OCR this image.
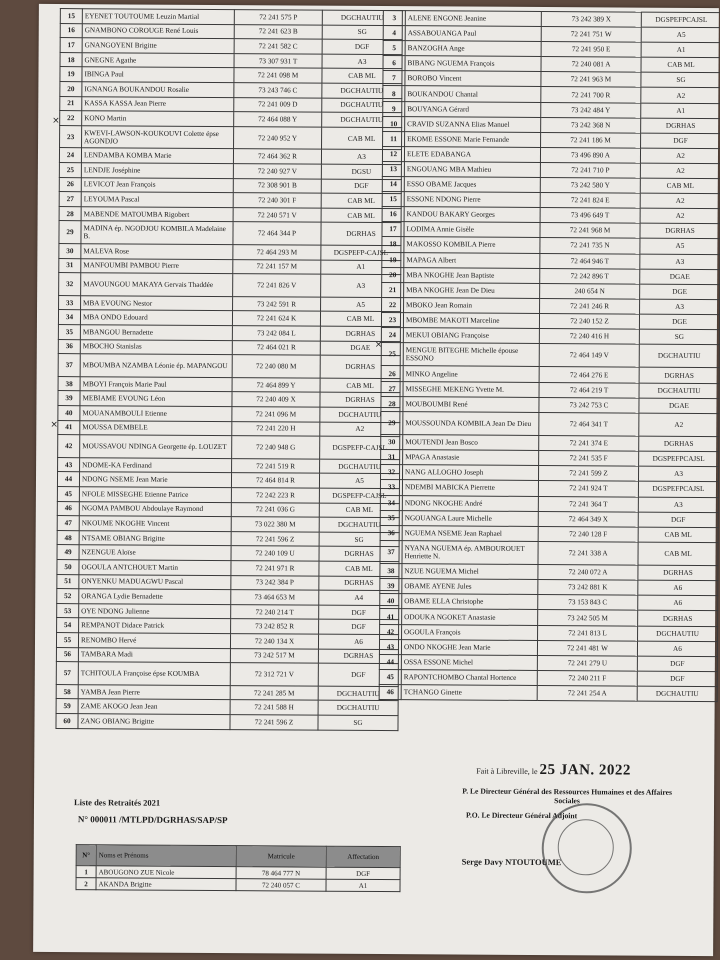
15	EYENET TOUTOUME Leuzin Martial	72 241 575 P	DGCHAUTIU
16	GNAMBONO COROUGE René Louis	72 241 623 B	SG
17	GNANGOYENI Brigitte	72 241 582 C	DGF
18	GNEGNE Agathe	73 307 931 T	A3
19	IBINGA Paul	72 241 098 M	CAB ML
20	IGNANGA BOUKANDOU Rosalie	73 243 746 C	DGCHAUTIU
21	KASSA KASSA Jean Pierre	72 241 009 D	DGCHAUTIU
22	KONO Martin	72 464 088 Y	DGCHAUTIU
23	KWEVI-LAWSON-KOUKOUVI Colette épse AGONDJO	72 240 952 Y	CAB ML
24	LENDAMBA KOMBA Marie	72 464 362 R	A3
25	LENDJE Joséphine	72 240 927 V	DGSU
26	LEVICOT Jean François	72 308 901 B	DGF
27	LEYOUMA Pascal	72 240 301 F	CAB ML
28	MABENDE MATOUMBA Rigobert	72 240 571 V	CAB ML
29	MADINA ép. NGODJOU KOMBILA Madelaine B.	72 464 344 P	DGRHAS
30	MALEVA Rose	72 464 293 M	DGSPEFP-CAJSL
31	MANFOUMBI PAMBOU Pierre	72 241 157 M	A1
32	MAVOUNGOU MAKAYA Gervais Thaddée	72 241 826 V	A3
33	MBA EVOUNG Nestor	73 242 591 R	A5
34	MBA ONDO Edouard	72 241 624 K	CAB ML
35	MBANGOU Bernadette	73 242 084 L	DGRHAS
36	MBOCHO Stanislas	72 464 021 R	DGAE
37	MBOUMBA NZAMBA Léonie ép. MAPANGOU	72 240 080 M	DGRHAS
38	MBOYI François Marie Paul	72 464 899 Y	CAB ML
39	MEBIAME EVOUNG Léon	72 240 409 X	DGRHAS
40	MOUANAMBOULI Etienne	72 241 096 M	DGCHAUTIU
41	MOUSSA DEMBELE	72 241 220 H	A2
42	MOUSSAVOU NDINGA Georgette ép. LOUZET	72 240 948 G	DGSPEFP-CAJSL
43	NDOME-KA Ferdinand	72 241 519 R	DGCHAUTIU
44	NDONG NSEME Jean Marie	72 464 814 R	A5
45	NFOLE MISSEGHE Etienne Patrice	72 242 223 R	DGSPEFP-CAJSL
46	NGOMA PAMBOU Abdoulaye Raymond	72 241 036 G	CAB ML
47	NKOUME NKOGHE Vincent	73 022 380 M	DGCHAUTIU
48	NTSAME OBIANG Brigitte	72 241 596 Z	SG
49	NZENGUE Aloïse	72 240 109 U	DGRHAS
50	OGOULA ANTCHOUET Martin	72 241 971 R	CAB ML
51	ONYENKU MADUAGWU Pascal	73 242 384 P	DGRHAS
52	ORANGA Lydie Bernadette	73 464 653 M	A4
53	OYE NDONG Julienne	72 240 214 T	DGF
54	REMPANOT Didace Patrick	73 242 852 R	DGF
55	RENOMBO Hervé	72 240 134 X	A6
56	TAMBARA Madi	73 242 517 M	DGRHAS
57	TCHITOULA Françoise épse KOUMBA	72 312 721 V	DGF
58	YAMBA Jean Pierre	72 241 285 M	DGCHAUTIU
59	ZAME AKOGO Jean Jean	72 241 588 H	DGCHAUTIU
60	ZANG OBIANG Brigitte	72 241 596 Z	SG
3	ALENE ENGONE Jeanine	73 242 389 X	DGSPEFPCAJSL
4	ASSABOUANGA Paul	72 241 751 W	A5
5	BANZOGHA Ange	72 241 950 E	A1
6	BIBANG NGUEMA François	72 240 081 A	CAB ML
7	BOROBO Vincent	72 241 963 M	SG
8	BOUKANDOU Chantal	72 241 700 R	A2
9	BOUYANGA Gérard	73 242 484 Y	A1
10	CRAVID SUZANNA Elias Manuel	73 242 368 N	DGRHAS
11	EKOME ESSONE Marie Fernande	72 241 186 M	DGF
12	ELETE EDABANGA	73 496 890 A	A2
13	ENGOUANG MBA Mathieu	72 241 710 P	A2
14	ESSO OBAME Jacques	73 242 580 Y	CAB ML
15	ESSONE NDONG Pierre	72 241 824 E	A2
16	KANDOU BAKARY Georges	73 496 649 T	A2
17	LODIMA Annie Gisèle	72 241 968 M	DGRHAS
18	MAKOSSO KOMBILA Pierre	72 241 735 N	A5
19	MAPAGA Albert	72 464 946 T	A3
20	MBA NKOGHE Jean Baptiste	72 242 896 T	DGAE
21	MBA NKOGHE Jean De Dieu	240 654 N	DGE
22	MBOKO Jean Romain	72 241 246 R	A3
23	MBOMBE MAKOTI Marceline	72 240 152 Z	DGE
24	MEKUI OBIANG Françoise	72 240 416 H	SG
25	MENGUE BITEGHE Michelle épouse ESSONO	72 464 149 V	DGCHAUTIU
26	MINKO Angeline	72 464 276 E	DGRHAS
27	MISSEGHE MEKENG Yvette M.	72 464 219 T	DGCHAUTIU
28	MOUBOUMBI René	73 242 753 C	DGAE
29	MOUSSOUNDA KOMBILA Jean De Dieu	72 464 341 T	A2
30	MOUTENDI Jean Bosco	72 241 374 E	DGRHAS
31	MPAGA Anastasie	72 241 535 F	DGSPEFPCAJSL
32	NANG ALLOGHO Joseph	72 241 599 Z	A3
33	NDEMBI MABICKA Pierrette	72 241 924 T	DGSPEFPCAJSL
34	NDONG NKOGHE André	72 241 364 T	A3
35	NGOUANGA Laure Michelle	72 464 349 X	DGF
36	NGUEMA NSEME Jean Raphael	72 240 128 F	CAB ML
37	NYANA NGUEMA ép. AMBOUROUET Henriette N.	72 241 338 A	CAB ML
38	NZUE NGUEMA Michel	72 240 072 A	DGRHAS
39	OBAME AYENE Jules	73 242 881 K	A6
40	OBAME ELLA Christophe	73 153 843 C	A6
41	ODOUKA NGOKET Anastasie	73 242 505 M	DGRHAS
42	OGOULA François	72 241 813 L	DGCHAUTIU
43	ONDO NKOGHE Jean Marie	72 241 481 W	A6
44	OSSA ESSONE Michel	72 241 279 U	DGF
45	RAPONTCHOMBO Chantal Hortence	72 240 211 F	DGF
46	TCHANGO Ginette	72 241 254 A	DGCHAUTIU
Fait à Libreville, le 25 JAN. 2022
P. Le Directeur Général des Ressources Humaines et des Affaires Sociales
P.O. Le Directeur Général Adjoint
Serge Davy NTOUTOUME
Liste des Retraités 2021
N° 000011 /MTLPD/DGRHAS/SAP/SP
N°	Noms et Prénoms	Matricule	Affectation
1	ABOUGONO ZUE Nicole	78 464 777 N	DGF
2	AKANDA Brigitte	72 240 057 C	A1
×
×
×
